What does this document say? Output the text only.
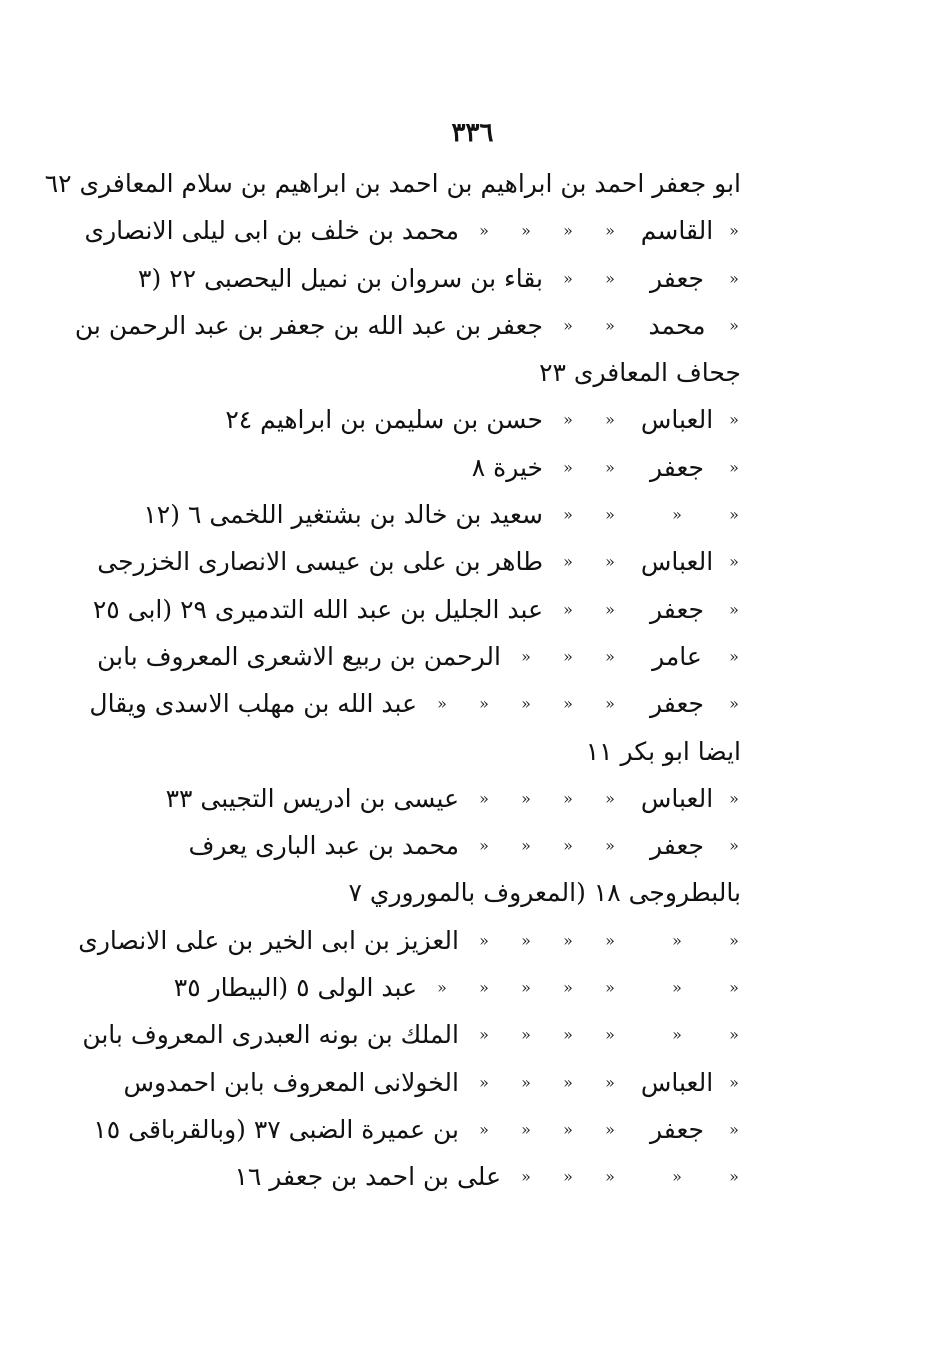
٣٣٦
ابو جعفر احمد بن ابراهيم بن احمد بن ابراهيم بن سلام المعافرى ٦٢
«القاسم««««محمد بن خلف بن ابى ليلى الانصارى
«جعفر««بقاء بن سروان بن نميل اليحصبى ٢٢ (٣
«محمد««جعفر بن عبد الله بن جعفر بن عبد الرحمن بن
جحاف المعافرى ٢٣
«العباس««حسن بن سليمن بن ابراهيم ٢٤
«جعفر««خيرة ٨
««««سعيد بن خالد بن بشتغير اللخمى ٦ (١٢
«العباس««طاهر بن على بن عيسى الانصارى الخزرجى
«جعفر««عبد الجليل بن عبد الله التدميرى ٢٩ (ابى ٢٥
«عامر«««الرحمن بن ربيع الاشعرى المعروف بابن
«جعفر«««««عبد الله بن مهلب الاسدى ويقال
ايضا ابو بكر ١١
«العباس««««عيسى بن ادريس التجيبى ٣٣
«جعفر««««محمد بن عبد البارى يعرف
بالبطروجى ١٨ (المعروف بالموروري ٧
««««««العزيز بن ابى الخير بن على الانصارى
«««««««عبد الولى ٥ (البيطار ٣٥
««««««الملك بن بونه العبدرى المعروف بابن
«العباس««««الخولانى المعروف بابن احمدوس
«جعفر««««بن عميرة الضبى ٣٧ (وبالقرباقى ١٥
«««««على بن احمد بن جعفر ١٦
